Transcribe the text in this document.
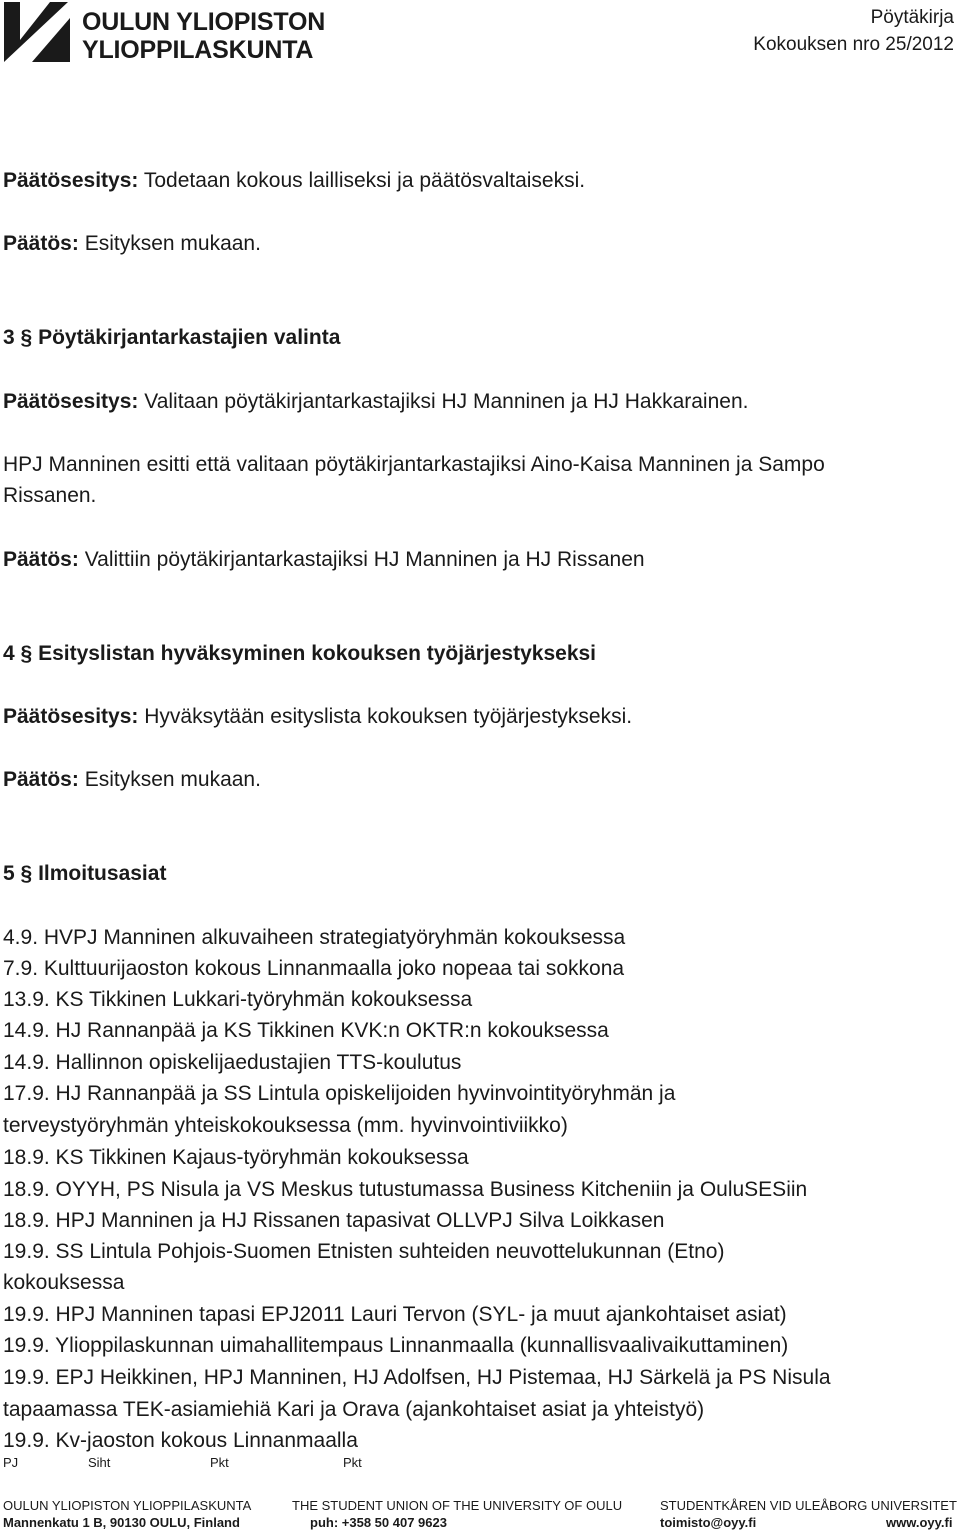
OULUN YLIOPISTON
YLIOPPILASKUNTA
Pöytäkirja
Kokouksen nro 25/2012
Päätösesitys: Todetaan kokous lailliseksi ja päätösvaltaiseksi.
Päätös: Esityksen mukaan.
3 § Pöytäkirjantarkastajien valinta
Päätösesitys: Valitaan pöytäkirjantarkastajiksi HJ Manninen ja HJ Hakkarainen.
HPJ Manninen esitti että valitaan pöytäkirjantarkastajiksi Aino-Kaisa Manninen ja Sampo
Rissanen.
Päätös: Valittiin pöytäkirjantarkastajiksi HJ Manninen ja HJ Rissanen
4 § Esityslistan hyväksyminen kokouksen työjärjestykseksi
Päätösesitys: Hyväksytään esityslista kokouksen työjärjestykseksi.
Päätös: Esityksen mukaan.
5 § Ilmoitusasiat
4.9. HVPJ Manninen alkuvaiheen strategiatyöryhmän kokouksessa
7.9. Kulttuurijaoston kokous Linnanmaalla joko nopeaa tai sokkona
13.9. KS Tikkinen Lukkari-työryhmän kokouksessa
14.9. HJ Rannanpää ja KS Tikkinen KVK:n OKTR:n kokouksessa
14.9. Hallinnon opiskelijaedustajien TTS-koulutus
17.9. HJ Rannanpää ja SS Lintula opiskelijoiden hyvinvointityöryhmän ja
terveystyöryhmän yhteiskokouksessa (mm. hyvinvointiviikko)
18.9. KS Tikkinen Kajaus-työryhmän kokouksessa
18.9. OYYH, PS Nisula ja VS Meskus tutustumassa Business Kitcheniin ja OuluSESiin
18.9. HPJ Manninen ja HJ Rissanen tapasivat OLLVPJ Silva Loikkasen
19.9. SS Lintula Pohjois-Suomen Etnisten suhteiden neuvottelukunnan (Etno)
kokouksessa
19.9. HPJ Manninen tapasi EPJ2011 Lauri Tervon (SYL- ja muut ajankohtaiset asiat)
19.9. Ylioppilaskunnan uimahallitempaus Linnanmaalla (kunnallisvaalivaikuttaminen)
19.9. EPJ Heikkinen, HPJ Manninen, HJ Adolfsen, HJ Pistemaa, HJ Särkelä ja PS Nisula
tapaamassa TEK-asiamiehiä Kari ja Orava (ajankohtaiset asiat ja yhteistyö)
19.9. Kv-jaoston kokous Linnanmaalla
PJ	Siht	Pkt	Pkt
OULUN YLIOPISTON YLIOPPILASKUNTA	THE STUDENT UNION OF THE UNIVERSITY OF OULU	STUDENTKÅREN VID ULEÅBORG UNIVERSITET
Mannenkatu 1 B, 90130 OULU, Finland	puh: +358 50 407 9623	toimisto@oyy.fi	www.oyy.fi
